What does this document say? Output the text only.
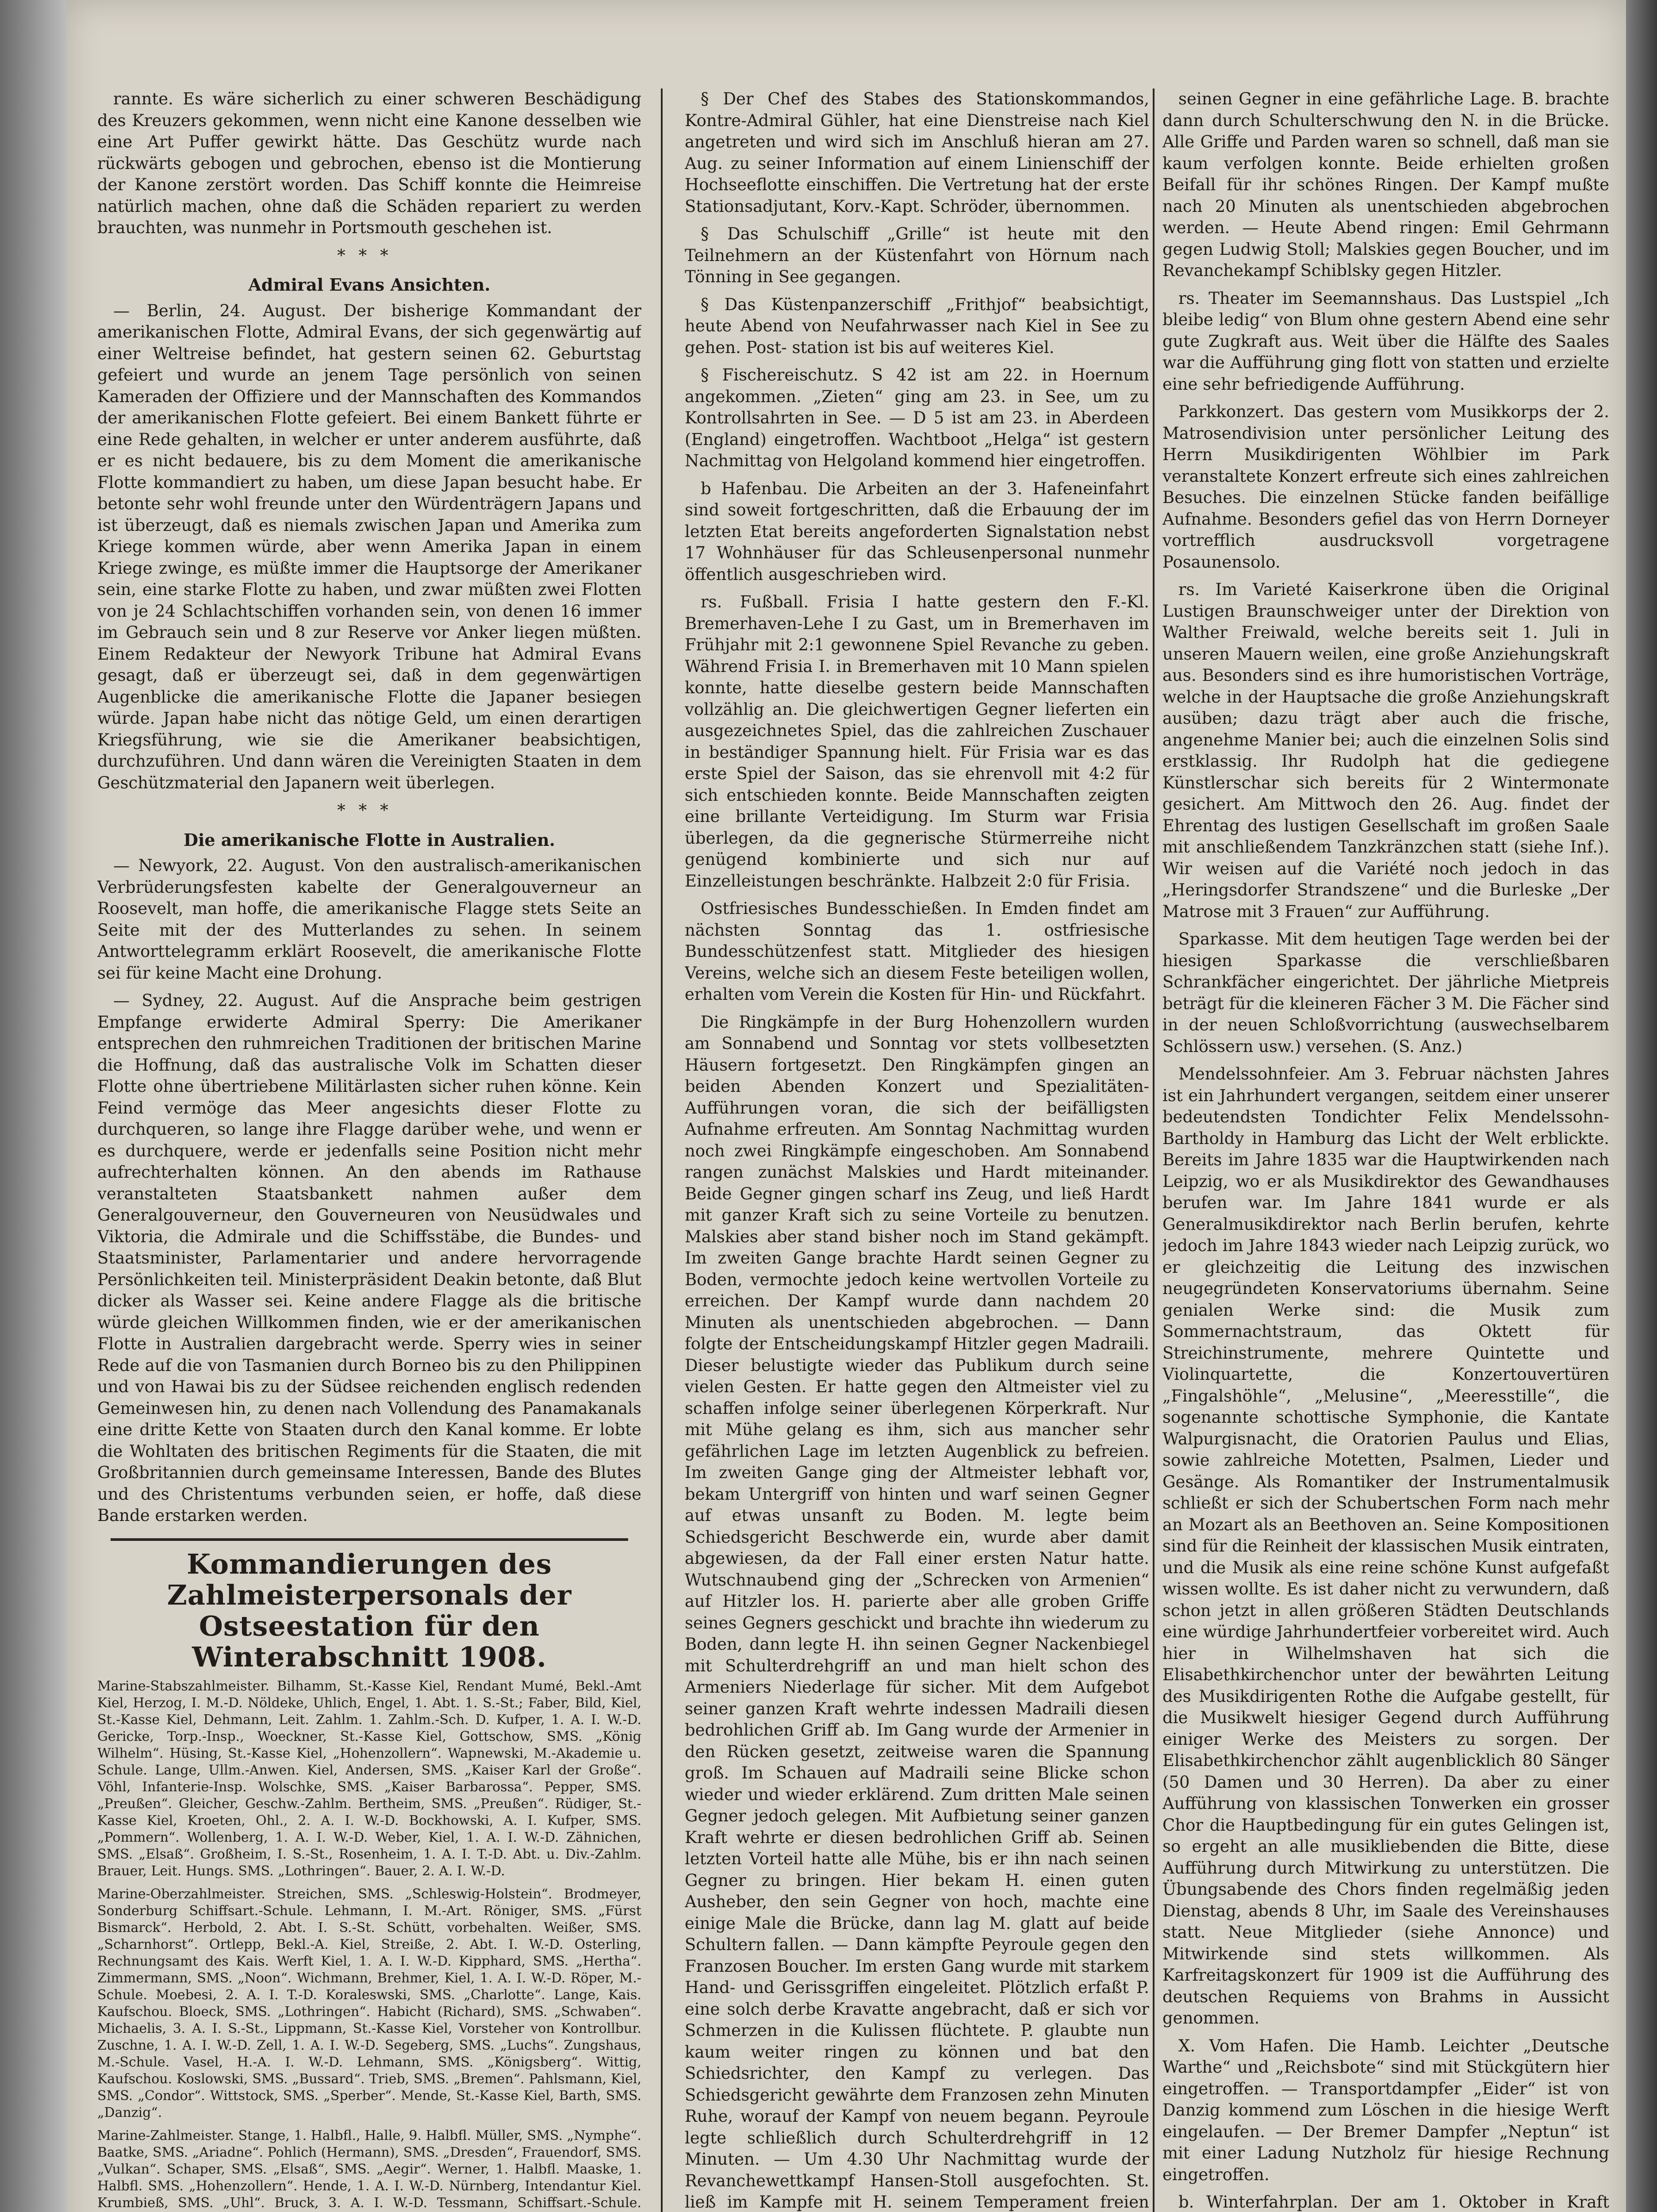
rannte. Es wäre sicherlich zu einer schweren Beschädigung des Kreuzers gekommen, wenn nicht eine Kanone desselben wie eine Art Puffer gewirkt hätte. Das Geschütz wurde nach rückwärts gebogen und gebrochen, ebenso ist die Montierung der Kanone zerstört worden. Das Schiff konnte die Heimreise natürlich machen, ohne daß die Schäden repariert zu werden brauchten, was nunmehr in Portsmouth geschehen ist.

***

Admiral Evans Ansichten.

— Berlin, 24. August. Der bisherige Kommandant der amerikanischen Flotte, Admiral Evans, der sich gegenwärtig auf einer Weltreise befindet, hat gestern seinen 62. Geburtstag gefeiert und wurde an jenem Tage persönlich von seinen Kameraden der Offiziere und der Mannschaften des Kommandos der amerikanischen Flotte gefeiert. Bei einem Bankett führte er eine Rede gehalten, in welcher er unter anderem ausführte, daß er es nicht bedauere, bis zu dem Moment die amerikanische Flotte kommandiert zu haben, um diese Japan besucht habe. Er betonte sehr wohl freunde unter den Würdenträgern Japans und ist überzeugt, daß es niemals zwischen Japan und Amerika zum Kriege kommen würde, aber wenn Amerika Japan in einem Kriege zwinge, es müßte immer die Hauptsorge der Amerikaner sein, eine starke Flotte zu haben, und zwar müßten zwei Flotten von je 24 Schlachtschiffen vorhanden sein, von denen 16 immer im Gebrauch sein und 8 zur Reserve vor Anker liegen müßten. Einem Redakteur der Newyork Tribune hat Admiral Evans gesagt, daß er überzeugt sei, daß in dem gegenwärtigen Augenblicke die amerikanische Flotte die Japaner besiegen würde. Japan habe nicht das nötige Geld, um einen derartigen Kriegsführung, wie sie die Amerikaner beabsichtigen, durchzuführen. Und dann wären die Vereinigten Staaten in dem Geschützmaterial den Japanern weit überlegen.

***

Die amerikanische Flotte in Australien.

— Newyork, 22. August. Von den australisch-amerikanischen Verbrüderungsfesten kabelte der Generalgouverneur an Roosevelt, man hoffe, die amerikanische Flagge stets Seite an Seite mit der des Mutterlandes zu sehen. In seinem Antworttelegramm erklärt Roosevelt, die amerikanische Flotte sei für keine Macht eine Drohung.

— Sydney, 22. August. Auf die Ansprache beim gestrigen Empfange erwiderte Admiral Sperry: Die Amerikaner entsprechen den ruhmreichen Traditionen der britischen Marine die Hoffnung, daß das australische Volk im Schatten dieser Flotte ohne übertriebene Militärlasten sicher ruhen könne. Kein Feind vermöge das Meer angesichts dieser Flotte zu durchqueren, so lange ihre Flagge darüber wehe, und wenn er es durchquere, werde er jedenfalls seine Position nicht mehr aufrechterhalten können. An den abends im Rathause veranstalteten Staatsbankett nahmen außer dem Generalgouverneur, den Gouverneuren von Neusüdwales und Viktoria, die Admirale und die Schiffsstäbe, die Bundes- und Staatsminister, Parlamentarier und andere hervorragende Persönlichkeiten teil. Ministerpräsident Deakin betonte, daß Blut dicker als Wasser sei. Keine andere Flagge als die britische würde gleichen Willkommen finden, wie er der amerikanischen Flotte in Australien dargebracht werde. Sperry wies in seiner Rede auf die von Tasmanien durch Borneo bis zu den Philippinen und von Hawai bis zu der Südsee reichenden englisch redenden Gemeinwesen hin, zu denen nach Vollendung des Panamakanals eine dritte Kette von Staaten durch den Kanal komme. Er lobte die Wohltaten des britischen Regiments für die Staaten, die mit Großbritannien durch gemeinsame Interessen, Bande des Blutes und des Christentums verbunden seien, er hoffe, daß diese Bande erstarken werden.

Kommandierungen des Zahlmeisterpersonals der Ostseestation für den Winterabschnitt 1908.

Marine-Stabszahlmeister. Bilhamm, St.-Kasse Kiel, Rendant Mumé, Bekl.-Amt Kiel, Herzog, I. M.-D. Nöldeke, Uhlich, Engel, 1. Abt. 1. S.-St.; Faber, Bild, Kiel, St.-Kasse Kiel, Dehmann, Leit. Zahlm. 1. Zahlm.-Sch. D. Kufper, 1. A. I. W.-D. Gericke, Torp.-Insp., Woeckner, St.-Kasse Kiel, Gottschow, SMS. „König Wilhelm“. Hüsing, St.-Kasse Kiel, „Hohenzollern“. Wapnewski, M.-Akademie u. Schule. Lange, Ullm.-Anwen. Kiel, Andersen, SMS. „Kaiser Karl der Große“. Vöhl, Infanterie-Insp. Wolschke, SMS. „Kaiser Barbarossa“. Pepper, SMS. „Preußen“. Gleicher, Geschw.-Zahlm. Bertheim, SMS. „Preußen“. Rüdiger, St.-Kasse Kiel, Kroeten, Ohl., 2. A. I. W.-D. Bockhowski, A. I. Kufper, SMS. „Pommern“. Wollenberg, 1. A. I. W.-D. Weber, Kiel, 1. A. I. W.-D. Zähnichen, SMS. „Elsaß“. Großheim, I. S.-St., Rosenheim, 1. A. I. T.-D. Abt. u. Div.-Zahlm. Brauer, Leit. Hungs. SMS. „Lothringen“. Bauer, 2. A. I. W.-D.

Marine-Oberzahlmeister. Streichen, SMS. „Schleswig-Holstein“. Brodmeyer, Sonderburg Schiffsart.-Schule. Lehmann, I. M.-Art. Röniger, SMS. „Fürst Bismarck“. Herbold, 2. Abt. I. S.-St. Schütt, vorbehalten. Weißer, SMS. „Scharnhorst“. Ortlepp, Bekl.-A. Kiel, Streiße, 2. Abt. I. W.-D. Osterling, Rechnungsamt des Kais. Werft Kiel, 1. A. I. W.-D. Kipphard, SMS. „Hertha“. Zimmermann, SMS. „Noon“. Wichmann, Brehmer, Kiel, 1. A. I. W.-D. Röper, M.-Schule. Moebesi, 2. A. I. T.-D. Koraleswski, SMS. „Charlotte“. Lange, Kais. Kaufschou. Bloeck, SMS. „Lothringen“. Habicht (Richard), SMS. „Schwaben“. Michaelis, 3. A. I. S.-St., Lippmann, St.-Kasse Kiel, Vorsteher von Kontrollbur. Zuschne, 1. A. I. W.-D. Zell, 1. A. I. W.-D. Segeberg, SMS. „Luchs“. Zungshaus, M.-Schule. Vasel, H.-A. I. W.-D. Lehmann, SMS. „Königsberg“. Wittig, Kaufschou. Koslowski, SMS. „Bussard“. Trieb, SMS. „Bremen“. Pahlsmann, Kiel, SMS. „Condor“. Wittstock, SMS. „Sperber“. Mende, St.-Kasse Kiel, Barth, SMS. „Danzig“.

Marine-Zahlmeister. Stange, 1. Halbfl., Halle, 9. Halbfl. Müller, SMS. „Nymphe“. Baatke, SMS. „Ariadne“. Pohlich (Hermann), SMS. „Dresden“, Frauendorf, SMS. „Vulkan“. Schaper, SMS. „Elsaß“, SMS. „Aegir“. Werner, 1. Halbfl. Maaske, 1. Halbfl. SMS. „Hohenzollern“. Hende, 1. A. I. W.-D. Nürnberg, Intendantur Kiel. Krumbieß, SMS. „Uhl“. Bruck, 3. A. I. W.-D. Tessmann, Schiffsart.-Schule.

§ Der Chef des Stabes des Stationskommandos, Kontre-Admiral Gühler, hat eine Dienstreise nach Kiel angetreten und wird sich im Anschluß hieran am 27. Aug. zu seiner Information auf einem Linienschiff der Hochseeflotte einschiffen. Die Vertretung hat der erste Stationsadjutant, Korv.-Kapt. Schröder, übernommen.

§ Das Schulschiff „Grille“ ist heute mit den Teilnehmern an der Küstenfahrt von Hörnum nach Tönning in See gegangen.

§ Das Küstenpanzerschiff „Frithjof“ beabsichtigt, heute Abend von Neufahrwasser nach Kiel in See zu gehen. Post- station ist bis auf weiteres Kiel.

§ Fischereischutz. S 42 ist am 22. in Hoernum angekommen. „Zieten“ ging am 23. in See, um zu Kontrollsahrten in See. — D 5 ist am 23. in Aberdeen (England) eingetroffen. Wachtboot „Helga“ ist gestern Nachmittag von Helgoland kommend hier eingetroffen.

b Hafenbau. Die Arbeiten an der 3. Hafeneinfahrt sind soweit fortgeschritten, daß die Erbauung der im letzten Etat bereits angeforderten Signalstation nebst 17 Wohnhäuser für das Schleusenpersonal nunmehr öffentlich ausgeschrieben wird.

rs. Fußball. Frisia I hatte gestern den F.-Kl. Bremerhaven-Lehe I zu Gast, um in Bremerhaven im Frühjahr mit 2:1 gewonnene Spiel Revanche zu geben. Während Frisia I. in Bremerhaven mit 10 Mann spielen konnte, hatte dieselbe gestern beide Mannschaften vollzählig an. Die gleichwertigen Gegner lieferten ein ausgezeichnetes Spiel, das die zahlreichen Zuschauer in beständiger Spannung hielt. Für Frisia war es das erste Spiel der Saison, das sie ehrenvoll mit 4:2 für sich entschieden konnte. Beide Mannschaften zeigten eine brillante Verteidigung. Im Sturm war Frisia überlegen, da die gegnerische Stürmerreihe nicht genügend kombinierte und sich nur auf Einzelleistungen beschränkte. Halbzeit 2:0 für Frisia.

Ostfriesisches Bundesschießen. In Emden findet am nächsten Sonntag das 1. ostfriesische Bundesschützenfest statt. Mitglieder des hiesigen Vereins, welche sich an diesem Feste beteiligen wollen, erhalten vom Verein die Kosten für Hin- und Rückfahrt.

Die Ringkämpfe in der Burg Hohenzollern wurden am Sonnabend und Sonntag vor stets vollbesetzten Häusern fortgesetzt. Den Ringkämpfen gingen an beiden Abenden Konzert und Spezialitäten-Aufführungen voran, die sich der beifälligsten Aufnahme erfreuten. Am Sonntag Nachmittag wurden noch zwei Ringkämpfe eingeschoben. Am Sonnabend rangen zunächst Malskies und Hardt miteinander. Beide Gegner gingen scharf ins Zeug, und ließ Hardt mit ganzer Kraft sich zu seine Vorteile zu benutzen. Malskies aber stand bisher noch im Stand gekämpft. Im zweiten Gange brachte Hardt seinen Gegner zu Boden, vermochte jedoch keine wertvollen Vorteile zu erreichen. Der Kampf wurde dann nachdem 20 Minuten als unentschieden abgebrochen. — Dann folgte der Entscheidungskampf Hitzler gegen Madraili. Dieser belustigte wieder das Publikum durch seine vielen Gesten. Er hatte gegen den Altmeister viel zu schaffen infolge seiner überlegenen Körperkraft. Nur mit Mühe gelang es ihm, sich aus mancher sehr gefährlichen Lage im letzten Augenblick zu befreien. Im zweiten Gange ging der Altmeister lebhaft vor, bekam Untergriff von hinten und warf seinen Gegner auf etwas unsanft zu Boden. M. legte beim Schiedsgericht Beschwerde ein, wurde aber damit abgewiesen, da der Fall einer ersten Natur hatte. Wutschnaubend ging der „Schrecken von Armenien“ auf Hitzler los. H. parierte aber alle groben Griffe seines Gegners geschickt und brachte ihn wiederum zu Boden, dann legte H. ihn seinen Gegner Nackenbiegel mit Schulterdrehgriff an und man hielt schon des Armeniers Niederlage für sicher. Mit dem Aufgebot seiner ganzen Kraft wehrte indessen Madraili diesen bedrohlichen Griff ab. Im Gang wurde der Armenier in den Rücken gesetzt, zeitweise waren die Spannung groß. Im Schauen auf Madraili seine Blicke schon wieder und wieder erklärend. Zum dritten Male seinen Gegner jedoch gelegen. Mit Aufbietung seiner ganzen Kraft wehrte er diesen bedrohlichen Griff ab. Seinen letzten Vorteil hatte alle Mühe, bis er ihn nach seinen Gegner zu bringen. Hier bekam H. einen guten Ausheber, den sein Gegner von hoch, machte eine einige Male die Brücke, dann lag M. glatt auf beide Schultern fallen. — Dann kämpfte Peyroule gegen den Franzosen Boucher. Im ersten Gang wurde mit starkem Hand- und Gerissgriffen eingeleitet. Plötzlich erfaßt P. eine solch derbe Kravatte angebracht, daß er sich vor Schmerzen in die Kulissen flüchtete. P. glaubte nun kaum weiter ringen zu können und bat den Schiedsrichter, den Kampf zu verlegen. Das Schiedsgericht gewährte dem Franzosen zehn Minuten Ruhe, worauf der Kampf von neuem begann. Peyroule legte schließlich durch Schulterdrehgriff in 12 Minuten. — Um 4.30 Uhr Nachmittag wurde der Revanchewettkampf Hansen-Stoll ausgefochten. St. ließ im Kampfe mit H. seinem Temperament freien

seinen Gegner in eine gefährliche Lage. B. brachte dann durch Schulterschwung den N. in die Brücke. Alle Griffe und Parden waren so schnell, daß man sie kaum verfolgen konnte. Beide erhielten großen Beifall für ihr schönes Ringen. Der Kampf mußte nach 20 Minuten als unentschieden abgebrochen werden. — Heute Abend ringen: Emil Gehrmann gegen Ludwig Stoll; Malskies gegen Boucher, und im Revanchekampf Schiblsky gegen Hitzler.

rs. Theater im Seemannshaus. Das Lustspiel „Ich bleibe ledig“ von Blum ohne gestern Abend eine sehr gute Zugkraft aus. Weit über die Hälfte des Saales war die Aufführung ging flott von statten und erzielte eine sehr befriedigende Aufführung.

Parkkonzert. Das gestern vom Musikkorps der 2. Matrosendivision unter persönlicher Leitung des Herrn Musikdirigenten Wöhlbier im Park veranstaltete Konzert erfreute sich eines zahlreichen Besuches. Die einzelnen Stücke fanden beifällige Aufnahme. Besonders gefiel das von Herrn Dorneyer vortrefflich ausdrucksvoll vorgetragene Posaunensolo.

rs. Im Varieté Kaiserkrone üben die Original Lustigen Braunschweiger unter der Direktion von Walther Freiwald, welche bereits seit 1. Juli in unseren Mauern weilen, eine große Anziehungskraft aus. Besonders sind es ihre humoristischen Vorträge, welche in der Hauptsache die große Anziehungskraft ausüben; dazu trägt aber auch die frische, angenehme Manier bei; auch die einzelnen Solis sind erstklassig. Ihr Rudolph hat die gediegene Künstlerschar sich bereits für 2 Wintermonate gesichert. Am Mittwoch den 26. Aug. findet der Ehrentag des lustigen Gesellschaft im großen Saale mit anschließendem Tanzkränzchen statt (siehe Inf.). Wir weisen auf die Variété noch jedoch in das „Heringsdorfer Strandszene“ und die Burleske „Der Matrose mit 3 Frauen“ zur Aufführung.

Sparkasse. Mit dem heutigen Tage werden bei der hiesigen Sparkasse die verschließbaren Schrankfächer eingerichtet. Der jährliche Mietpreis beträgt für die kleineren Fächer 3 M. Die Fächer sind in der neuen Schloßvorrichtung (auswechselbarem Schlössern usw.) versehen. (S. Anz.)

Mendelssohnfeier. Am 3. Februar nächsten Jahres ist ein Jahrhundert vergangen, seitdem einer unserer bedeutendsten Tondichter Felix Mendelssohn-Bartholdy in Hamburg das Licht der Welt erblickte. Bereits im Jahre 1835 war die Hauptwirkenden nach Leipzig, wo er als Musikdirektor des Gewandhauses berufen war. Im Jahre 1841 wurde er als Generalmusikdirektor nach Berlin berufen, kehrte jedoch im Jahre 1843 wieder nach Leipzig zurück, wo er gleichzeitig die Leitung des inzwischen neugegründeten Konservatoriums übernahm. Seine genialen Werke sind: die Musik zum Sommernachtstraum, das Oktett für Streichinstrumente, mehrere Quintette und Violinquartette, die Konzertouvertüren „Fingalshöhle“, „Melusine“, „Meeresstille“, die sogenannte schottische Symphonie, die Kantate Walpurgisnacht, die Oratorien Paulus und Elias, sowie zahlreiche Motetten, Psalmen, Lieder und Gesänge. Als Romantiker der Instrumentalmusik schließt er sich der Schubertschen Form nach mehr an Mozart als an Beethoven an. Seine Kompositionen sind für die Reinheit der klassischen Musik eintraten, und die Musik als eine reine schöne Kunst aufgefaßt wissen wollte. Es ist daher nicht zu verwundern, daß schon jetzt in allen größeren Städten Deutschlands eine würdige Jahrhundertfeier vorbereitet wird. Auch hier in Wilhelmshaven hat sich die Elisabethkirchenchor unter der bewährten Leitung des Musikdirigenten Rothe die Aufgabe gestellt, für die Musikwelt hiesiger Gegend durch Aufführung einiger Werke des Meisters zu sorgen. Der Elisabethkirchenchor zählt augenblicklich 80 Sänger (50 Damen und 30 Herren). Da aber zu einer Aufführung von klassischen Tonwerken ein grosser Chor die Hauptbedingung für ein gutes Gelingen ist, so ergeht an alle musikliebenden die Bitte, diese Aufführung durch Mitwirkung zu unterstützen. Die Übungsabende des Chors finden regelmäßig jeden Dienstag, abends 8 Uhr, im Saale des Vereinshauses statt. Neue Mitglieder (siehe Annonce) und Mitwirkende sind stets willkommen. Als Karfreitagskonzert für 1909 ist die Aufführung des deutschen Requiems von Brahms in Aussicht genommen.

X. Vom Hafen. Die Hamb. Leichter „Deutsche Warthe“ und „Reichsbote“ sind mit Stückgütern hier eingetroffen. — Transportdampfer „Eider“ ist von Danzig kommend zum Löschen in die hiesige Werft eingelaufen. — Der Bremer Dampfer „Neptun“ ist mit einer Ladung Nutzholz für hiesige Rechnung eingetroffen.

b. Winterfahrplan. Der am 1. Oktober in Kraft
